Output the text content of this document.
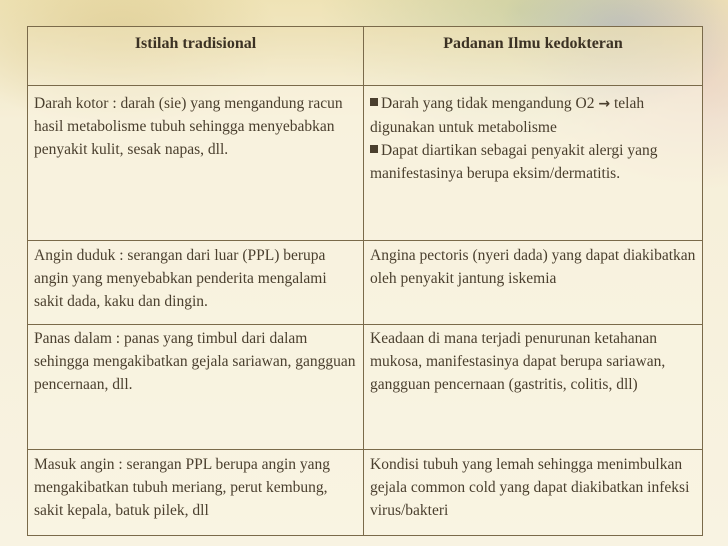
Istilah tradisional	Padanan Ilmu kedokteran
Darah kotor : darah (sie) yang mengandung racun hasil metabolisme tubuh sehingga menyebabkan penyakit kulit, sesak napas, dll.
Darah yang tidak mengandung O2 → telah digunakan untuk metabolisme
Dapat diartikan sebagai penyakit alergi yang manifestasinya berupa eksim/dermatitis.
Angin duduk : serangan dari luar (PPL) berupa angin yang menyebabkan penderita mengalami sakit dada, kaku dan dingin.
Angina pectoris (nyeri dada) yang dapat diakibatkan oleh penyakit jantung iskemia
Panas dalam : panas yang timbul dari dalam sehingga mengakibatkan gejala sariawan, gangguan pencernaan, dll.
Keadaan di mana terjadi penurunan ketahanan mukosa, manifestasinya dapat berupa sariawan, gangguan pencernaan (gastritis, colitis, dll)
Masuk angin : serangan PPL berupa angin yang mengakibatkan tubuh meriang, perut kembung, sakit kepala, batuk pilek, dll
Kondisi tubuh yang lemah sehingga menimbulkan gejala common cold yang dapat diakibatkan infeksi virus/bakteri
